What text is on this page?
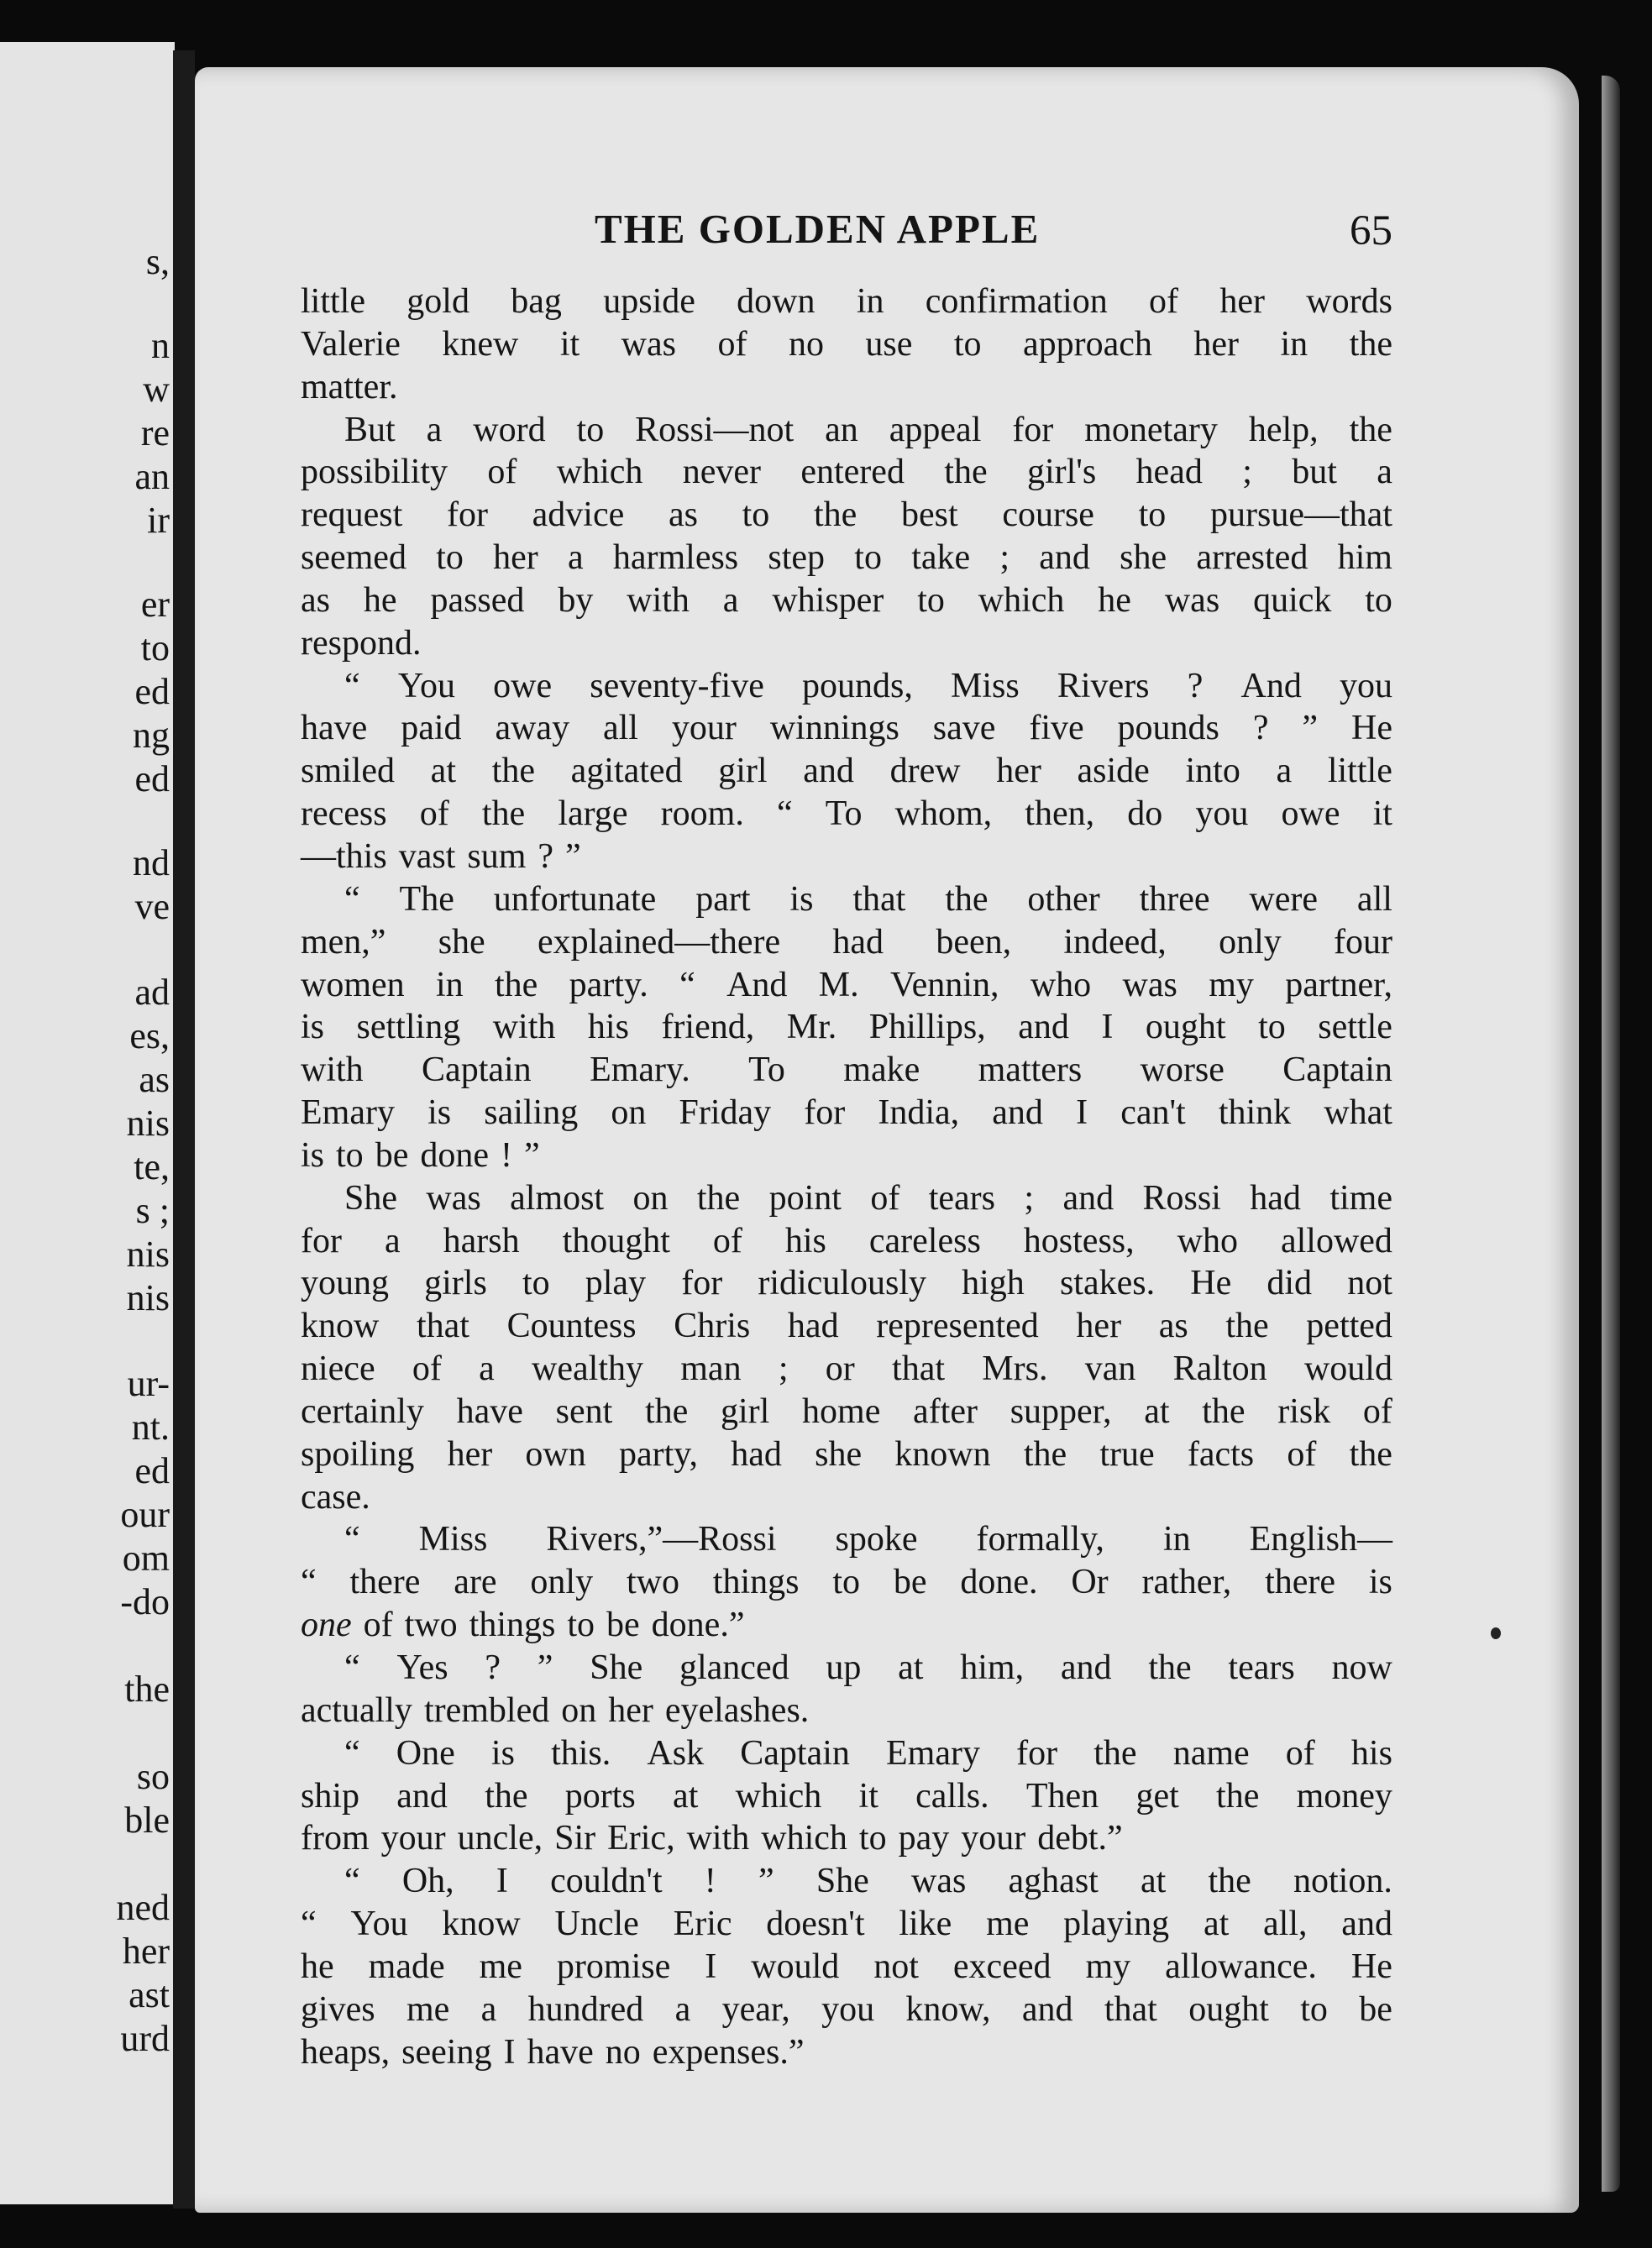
s,
n
w
re
an
ir
er
to
ed
ng
ed
nd
ve
ad
es,
as
nis
te,
s ;
nis
nis
ur-
nt.
ed
our
om
-do
the
so
ble
ned
her
ast
urd
THE GOLDEN APPLE	65
little gold bag upside down in confirmation of her words
Valerie knew it was of no use to approach her in the
matter.
But a word to Rossi—not an appeal for monetary help, the
possibility of which never entered the girl's head ; but a
request for advice as to the best course to pursue—that
seemed to her a harmless step to take ; and she arrested him
as he passed by with a whisper to which he was quick to
respond.
“ You owe seventy-five pounds, Miss Rivers ? And you
have paid away all your winnings save five pounds ? ” He
smiled at the agitated girl and drew her aside into a little
recess of the large room. “ To whom, then, do you owe it
—this vast sum ? ”
“ The unfortunate part is that the other three were all
men,” she explained—there had been, indeed, only four
women in the party. “ And M. Vennin, who was my partner,
is settling with his friend, Mr. Phillips, and I ought to settle
with Captain Emary. To make matters worse Captain
Emary is sailing on Friday for India, and I can't think what
is to be done ! ”
She was almost on the point of tears ; and Rossi had time
for a harsh thought of his careless hostess, who allowed
young girls to play for ridiculously high stakes. He did not
know that Countess Chris had represented her as the petted
niece of a wealthy man ; or that Mrs. van Ralton would
certainly have sent the girl home after supper, at the risk of
spoiling her own party, had she known the true facts of the
case.
“ Miss Rivers,”—Rossi spoke formally, in English—
“ there are only two things to be done. Or rather, there is
one of two things to be done.”
“ Yes ? ” She glanced up at him, and the tears now
actually trembled on her eyelashes.
“ One is this. Ask Captain Emary for the name of his
ship and the ports at which it calls. Then get the money
from your uncle, Sir Eric, with which to pay your debt.”
“ Oh, I couldn't ! ” She was aghast at the notion.
“ You know Uncle Eric doesn't like me playing at all, and
he made me promise I would not exceed my allowance. He
gives me a hundred a year, you know, and that ought to be
heaps, seeing I have no expenses.”
